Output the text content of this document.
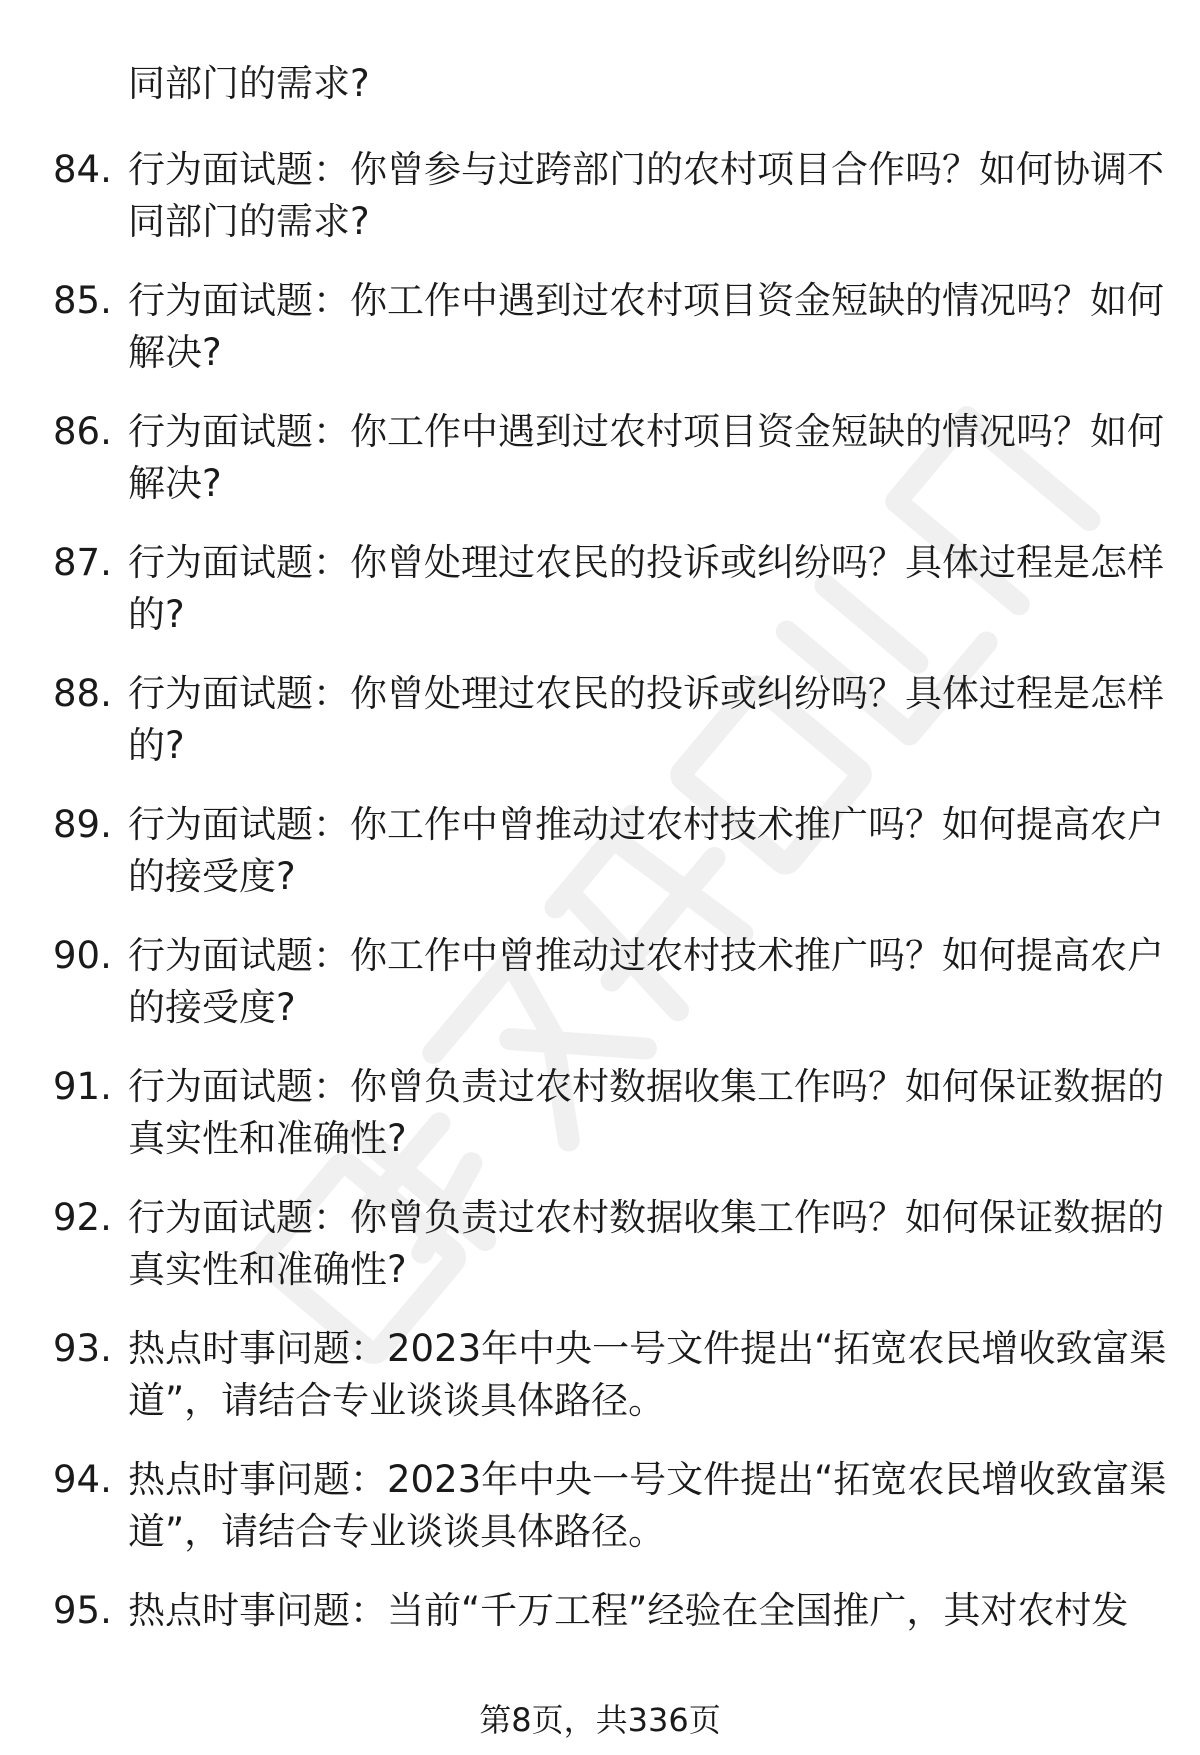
同部门的需求?
84. 行为面试题：你曾参与过跨部门的农村项目合作吗？如何协调不
同部门的需求?
85. 行为面试题：你工作中遇到过农村项目资金短缺的情况吗？如何
解决?
86. 行为面试题：你工作中遇到过农村项目资金短缺的情况吗？如何
解决?
87. 行为面试题：你曾处理过农民的投诉或纠纷吗？具体过程是怎样
的?
88. 行为面试题：你曾处理过农民的投诉或纠纷吗？具体过程是怎样
的?
89. 行为面试题：你工作中曾推动过农村技术推广吗？如何提高农户
的接受度?
90. 行为面试题：你工作中曾推动过农村技术推广吗？如何提高农户
的接受度?
91. 行为面试题：你曾负责过农村数据收集工作吗？如何保证数据的
真实性和准确性?
92. 行为面试题：你曾负责过农村数据收集工作吗？如何保证数据的
真实性和准确性?
93. 热点时事问题：2023年中央一号文件提出“拓宽农民增收致富渠
道”，请结合专业谈谈具体路径。
94. 热点时事问题：2023年中央一号文件提出“拓宽农民增收致富渠
道”，请结合专业谈谈具体路径。
95. 热点时事问题：当前“千万工程”经验在全国推广，其对农村发
第8页，共336页
